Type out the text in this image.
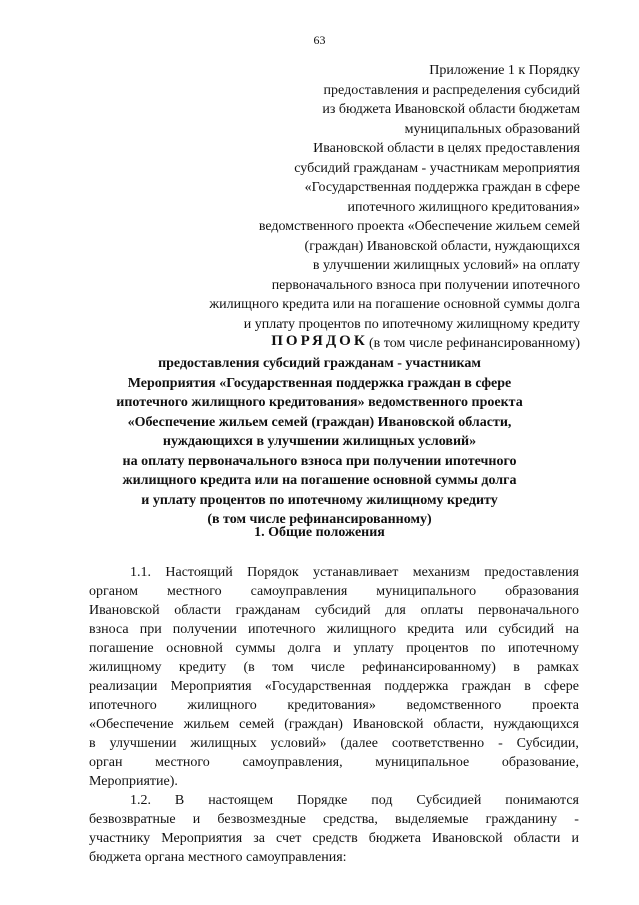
63
Приложение 1 к Порядку
предоставления и распределения субсидий
из бюджета Ивановской области бюджетам
муниципальных образований
Ивановской области в целях предоставления
субсидий гражданам - участникам мероприятия
«Государственная поддержка граждан в сфере
ипотечного жилищного кредитования»
ведомственного проекта «Обеспечение жильем семей
(граждан) Ивановской области, нуждающихся
в улучшении жилищных условий» на оплату
первоначального взноса при получении ипотечного
жилищного кредита или на погашение основной суммы долга
и уплату процентов по ипотечному жилищному кредиту
(в том числе рефинансированному)
ПОРЯДОК
предоставления субсидий гражданам - участникам
Мероприятия «Государственная поддержка граждан в сфере
ипотечного жилищного кредитования» ведомственного проекта
«Обеспечение жильем семей (граждан) Ивановской области,
нуждающихся в улучшении жилищных условий»
на оплату первоначального взноса при получении ипотечного
жилищного кредита или на погашение основной суммы долга
и уплату процентов по ипотечному жилищному кредиту
(в том числе рефинансированному)
1. Общие положения
1.1. Настоящий Порядок устанавливает механизм предоставления
органом местного самоуправления муниципального образования
Ивановской области гражданам субсидий для оплаты первоначального
взноса при получении ипотечного жилищного кредита или субсидий на
погашение основной суммы долга и уплату процентов по ипотечному
жилищному кредиту (в том числе рефинансированному) в рамках
реализации Мероприятия «Государственная поддержка граждан в сфере
ипотечного жилищного кредитования» ведомственного проекта
«Обеспечение жильем семей (граждан) Ивановской области, нуждающихся
в улучшении жилищных условий» (далее соответственно - Субсидии,
орган местного самоуправления, муниципальное образование,
Мероприятие).
1.2. В настоящем Порядке под Субсидией понимаются
безвозвратные и безвозмездные средства, выделяемые гражданину -
участнику Мероприятия за счет средств бюджета Ивановской области и
бюджета органа местного самоуправления:
